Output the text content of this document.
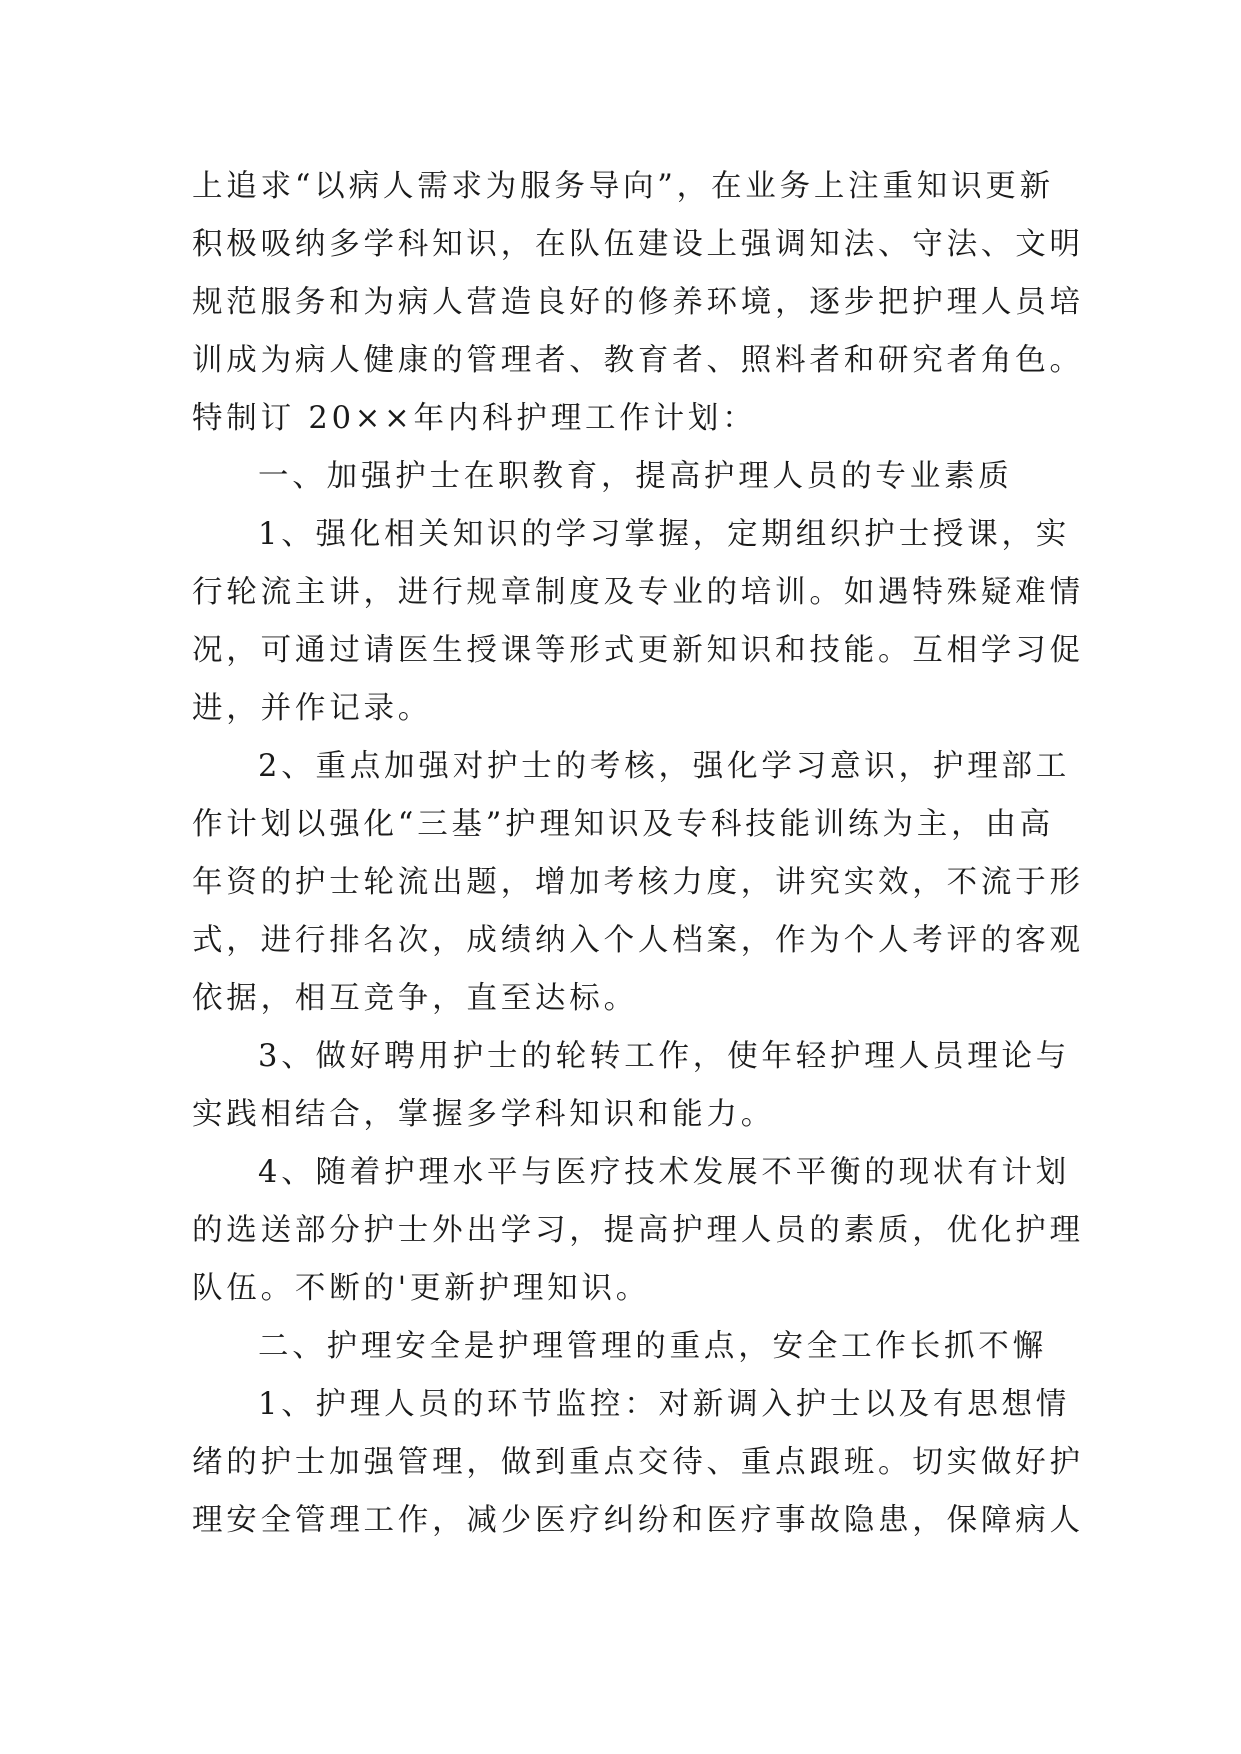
上追求“以病人需求为服务导向”，在业务上注重知识更新
积极吸纳多学科知识，在队伍建设上强调知法、守法、文明
规范服务和为病人营造良好的修养环境，逐步把护理人员培
训成为病人健康的管理者、教育者、照料者和研究者角色。
特制订 20××年内科护理工作计划：
一、加强护士在职教育，提高护理人员的专业素质
1、强化相关知识的学习掌握，定期组织护士授课，实
行轮流主讲，进行规章制度及专业的培训。如遇特殊疑难情
况，可通过请医生授课等形式更新知识和技能。互相学习促
进，并作记录。
2、重点加强对护士的考核，强化学习意识，护理部工
作计划以强化“三基”护理知识及专科技能训练为主，由高
年资的护士轮流出题，增加考核力度，讲究实效，不流于形
式，进行排名次，成绩纳入个人档案，作为个人考评的客观
依据，相互竞争，直至达标。
3、做好聘用护士的轮转工作，使年轻护理人员理论与
实践相结合，掌握多学科知识和能力。
4、随着护理水平与医疗技术发展不平衡的现状有计划
的选送部分护士外出学习，提高护理人员的素质，优化护理
队伍。不断的'更新护理知识。
二、护理安全是护理管理的重点，安全工作长抓不懈
1、护理人员的环节监控：对新调入护士以及有思想情
绪的护士加强管理，做到重点交待、重点跟班。切实做好护
理安全管理工作，减少医疗纠纷和医疗事故隐患，保障病人
